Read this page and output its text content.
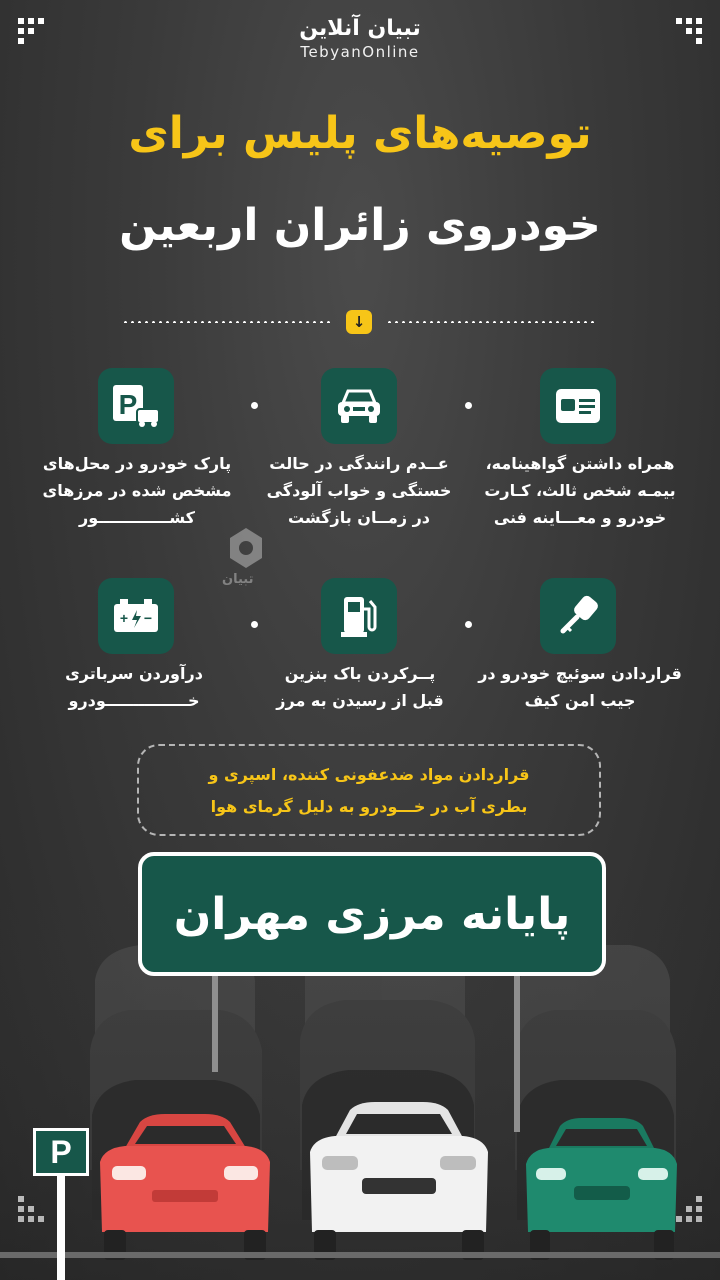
تبیان آنلاین
TebyanOnline
توصیه‌های پلیس برای
خودروی زائران اربعین
↓
P
همراه داشتن گواهینامه، بیمـه شخص ثالث، کـارت خودرو و معـــاینه فنی
عــدم رانندگی در حالت خستگی و خواب آلودگی در زمــان بازگشت
پارک خودرو در محل‌های مشخص شده در مرزهای کشـــــــــــــور
تبیان
+ −
قراردادن سوئیچ خودرو در جیب امن کیف
پــرکردن باک بنزین قبل از رسیدن به مرز
درآوردن سرباتری خـــــــــــــــودرو
قراردادن مواد ضدعفونی کننده، اسپری و
بطری آب در خـــودرو به دلیل گرمای هوا
پایانه مرزی مهران
P
